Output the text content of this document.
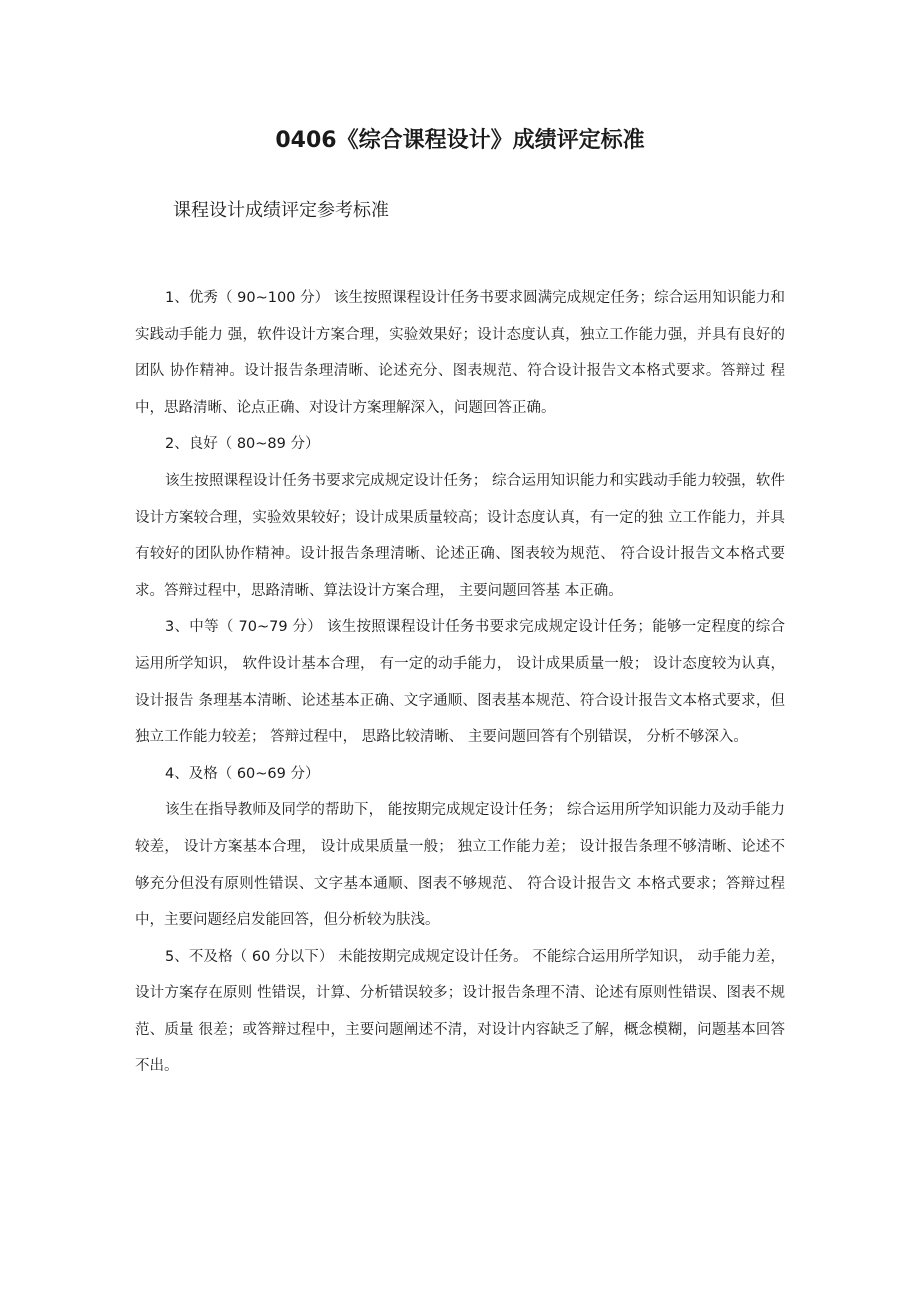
0406《综合课程设计》成绩评定标准
课程设计成绩评定参考标准

1、优秀（ 90~100 分） 该生按照课程设计任务书要求圆满完成规定任务；综合运用知识能力和实践动手能力 强，软件设计方案合理，实验效果好；设计态度认真，独立工作能力强，并具有良好的团队 协作精神。设计报告条理清晰、论述充分、图表规范、符合设计报告文本格式要求。答辩过 程中，思路清晰、论点正确、对设计方案理解深入，问题回答正确。

2、良好（ 80~89 分）

该生按照课程设计任务书要求完成规定设计任务； 综合运用知识能力和实践动手能力较强，软件设计方案较合理，实验效果较好；设计成果质量较高；设计态度认真，有一定的独 立工作能力，并具有较好的团队协作精神。设计报告条理清晰、论述正确、图表较为规范、 符合设计报告文本格式要求。答辩过程中，思路清晰、算法设计方案合理， 主要问题回答基 本正确。

3、中等（ 70~79 分） 该生按照课程设计任务书要求完成规定设计任务；能够一定程度的综合运用所学知识， 软件设计基本合理， 有一定的动手能力， 设计成果质量一般； 设计态度较为认真， 设计报告 条理基本清晰、论述基本正确、文字通顺、图表基本规范、符合设计报告文本格式要求，但 独立工作能力较差； 答辩过程中， 思路比较清晰、 主要问题回答有个别错误， 分析不够深入。

4、及格（ 60~69 分）

该生在指导教师及同学的帮助下， 能按期完成规定设计任务； 综合运用所学知识能力及动手能力较差， 设计方案基本合理， 设计成果质量一般； 独立工作能力差； 设计报告条理不够清晰、论述不够充分但没有原则性错误、文字基本通顺、图表不够规范、 符合设计报告文 本格式要求；答辩过程中，主要问题经启发能回答，但分析较为肤浅。

5、不及格（ 60 分以下） 未能按期完成规定设计任务。 不能综合运用所学知识， 动手能力差， 设计方案存在原则 性错误，计算、分析错误较多；设计报告条理不清、论述有原则性错误、图表不规范、质量 很差；或答辩过程中，主要问题阐述不清，对设计内容缺乏了解，概念模糊，问题基本回答 不出。
